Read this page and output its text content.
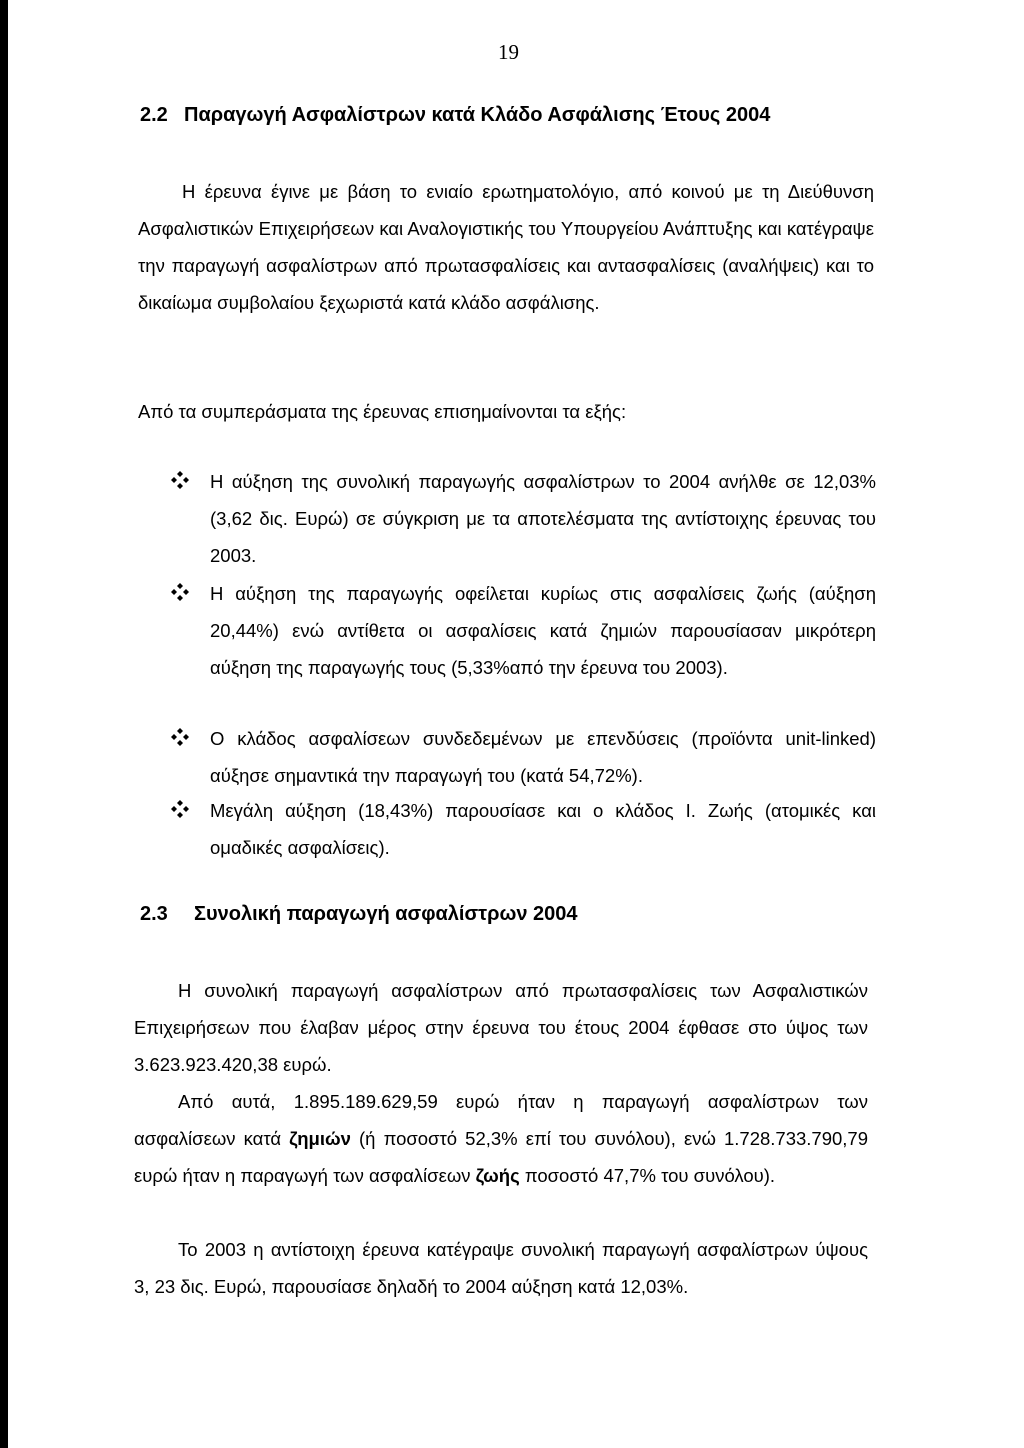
19
2.2 Παραγωγή Ασφαλίστρων κατά Κλάδο Ασφάλισης Έτους 2004

Η έρευνα έγινε με βάση το ενιαίο ερωτηματολόγιο, από κοινού με τη Διεύθυνση Ασφαλιστικών Επιχειρήσεων και Αναλογιστικής του Υπουργείου Ανάπτυξης και κατέγραψε την παραγωγή ασφαλίστρων από πρωτασφαλίσεις και αντασφαλίσεις (αναλήψεις) και το δικαίωμα συμβολαίου ξεχωριστά κατά κλάδο ασφάλισης.

Από τα συμπεράσματα της έρευνας επισημαίνονται τα εξής:

Η αύξηση της συνολική παραγωγής ασφαλίστρων το 2004 ανήλθε σε 12,03% (3,62 δις. Ευρώ) σε σύγκριση με τα αποτελέσματα της αντίστοιχης έρευνας του 2003.

Η αύξηση της παραγωγής οφείλεται κυρίως στις ασφαλίσεις ζωής (αύξηση 20,44%) ενώ αντίθετα οι ασφαλίσεις κατά ζημιών παρουσίασαν μικρότερη αύξηση της παραγωγής τους (5,33%από την έρευνα του 2003).

Ο κλάδος ασφαλίσεων συνδεδεμένων με επενδύσεις (προϊόντα unit-linked) αύξησε σημαντικά την παραγωγή του (κατά 54,72%).

Μεγάλη αύξηση (18,43%) παρουσίασε και ο κλάδος Ι. Ζωής (ατομικές και ομαδικές ασφαλίσεις).

2.3 Συνολική παραγωγή ασφαλίστρων 2004

Η συνολική παραγωγή ασφαλίστρων από πρωτασφαλίσεις των Ασφαλιστικών Επιχειρήσεων που έλαβαν μέρος στην έρευνα του έτους 2004 έφθασε στο ύψος των 3.623.923.420,38 ευρώ.

Από αυτά, 1.895.189.629,59 ευρώ ήταν η παραγωγή ασφαλίστρων των ασφαλίσεων κατά ζημιών (ή ποσοστό 52,3% επί του συνόλου), ενώ 1.728.733.790,79 ευρώ ήταν η παραγωγή των ασφαλίσεων ζωής ποσοστό 47,7% του συνόλου).

Το 2003 η αντίστοιχη έρευνα κατέγραψε συνολική παραγωγή ασφαλίστρων ύψους 3, 23 δις. Ευρώ, παρουσίασε δηλαδή το 2004 αύξηση κατά 12,03%.
